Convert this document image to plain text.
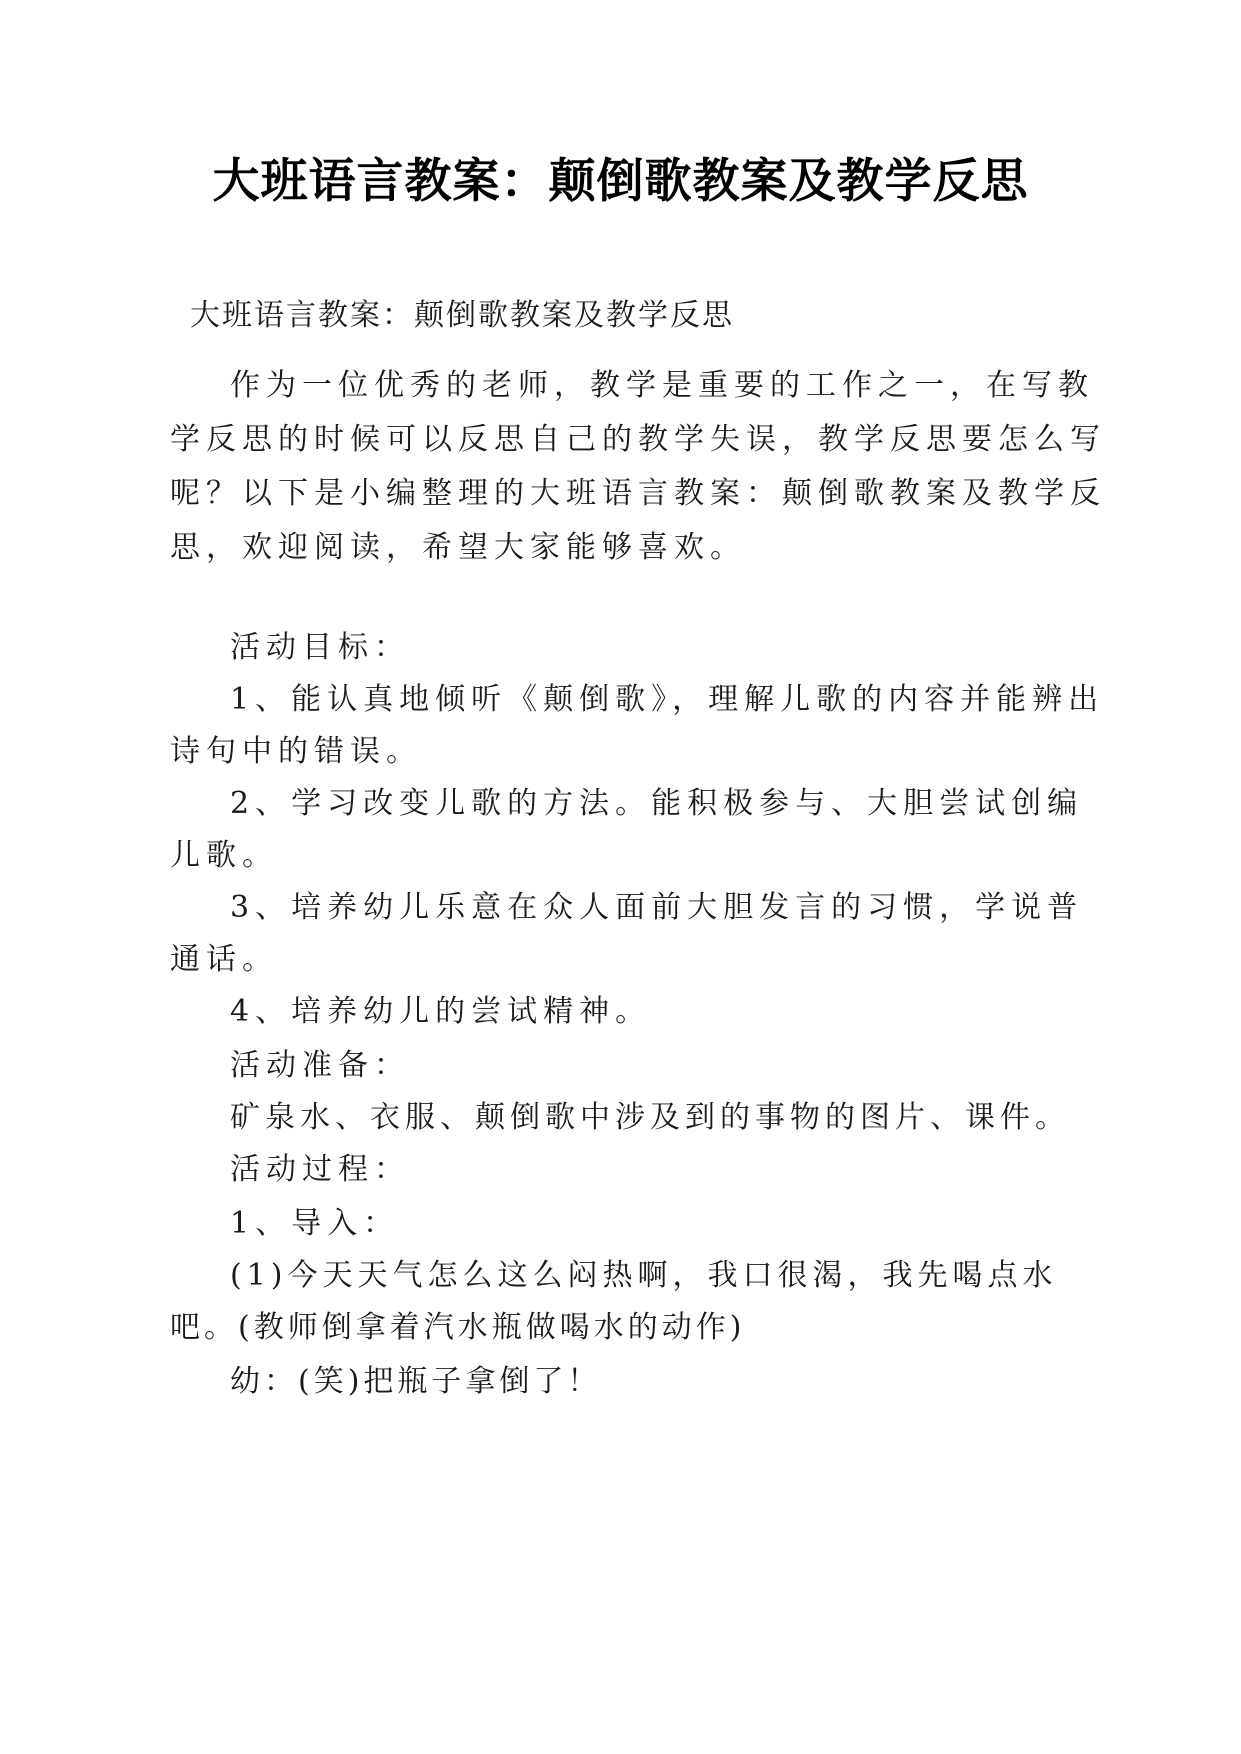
大班语言教案：颠倒歌教案及教学反思
大班语言教案：颠倒歌教案及教学反思
作为一位优秀的老师，教学是重要的工作之一，在写教
学反思的时候可以反思自己的教学失误，教学反思要怎么写
呢？以下是小编整理的大班语言教案：颠倒歌教案及教学反
思，欢迎阅读，希望大家能够喜欢。
活动目标：
1、能认真地倾听《颠倒歌》，理解儿歌的内容并能辨出
诗句中的错误。
2、学习改变儿歌的方法。能积极参与、大胆尝试创编
儿歌。
3、培养幼儿乐意在众人面前大胆发言的习惯，学说普
通话。
4、培养幼儿的尝试精神。
活动准备：
矿泉水、衣服、颠倒歌中涉及到的事物的图片、课件。
活动过程：
1、导入：
(1)今天天气怎么这么闷热啊，我口很渴，我先喝点水
吧。(教师倒拿着汽水瓶做喝水的动作)
幼：(笑)把瓶子拿倒了！
